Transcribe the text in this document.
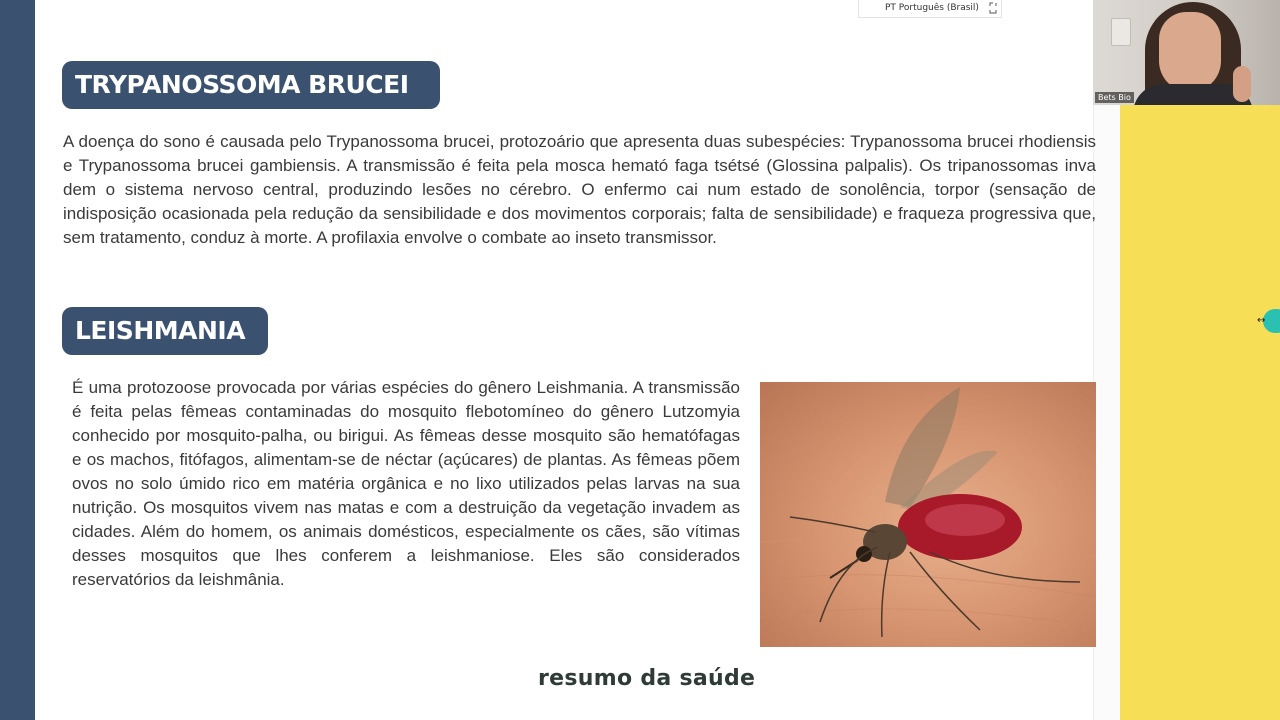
PT Português (Brasil)
Bets Bio
TRYPANOSSOMA BRUCEI
A doença do sono é causada pelo Trypanossoma brucei, protozoário que apresenta duas subespécies: Trypanossoma brucei rhodiensis e Trypanossoma brucei gambiensis. A transmissão é feita pela mosca hemató faga tsétsé (Glossina palpalis). Os tripanossomas inva dem o sistema nervoso central, produzindo lesões no cérebro. O enfermo cai num estado de sonolência, torpor (sensação de indisposição ocasionada pela redução da sensibilidade e dos movimentos corporais; falta de sensibilidade) e fraqueza progressiva que, sem tratamento, conduz à morte. A profilaxia envolve o combate ao inseto transmissor.
LEISHMANIA
É uma protozoose provocada por várias espécies do gênero Leishmania. A transmissão é feita pelas fêmeas contaminadas do mosquito flebotomíneo do gênero Lutzomyia conhecido por mosquito-palha, ou birigui. As fêmeas desse mosquito são hematófagas e os machos, fitófagos, alimentam-se de néctar (açúcares) de plantas. As fêmeas põem ovos no solo úmido rico em matéria orgânica e no lixo utilizados pelas larvas na sua nutrição. Os mosquitos vivem nas matas e com a destruição da vegetação invadem as cidades. Além do homem, os animais domésticos, especialmente os cães, são vítimas desses mosquitos que lhes conferem a leishmaniose. Eles são considerados reservatórios da leishmânia.
resumo da saúde
↔
